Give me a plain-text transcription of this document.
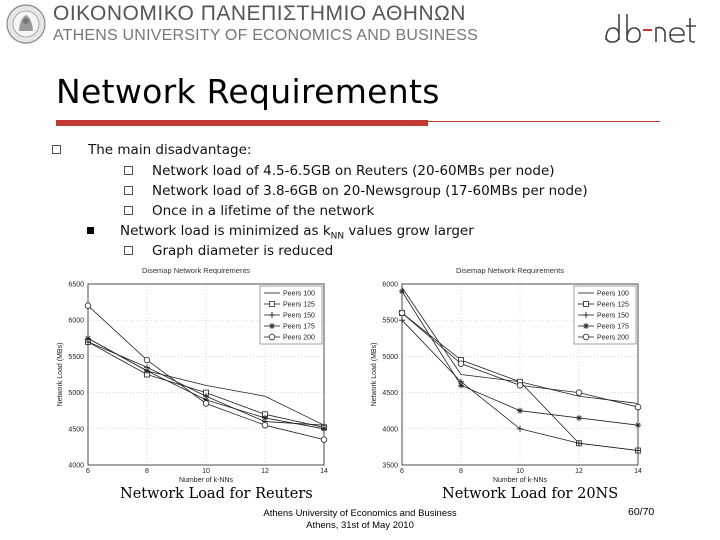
ΟΙΚΟΝΟΜΙΚΟ ΠΑΝΕΠΙΣΤΗΜΙΟ ΑΘΗΝΩΝ
ATHENS UNIVERSITY OF ECONOMICS AND BUSINESS
Network Requirements
The main disadvantage:
Network load of 4.5-6.5GB on Reuters (20-60MBs per node)
Network load of 3.8-6GB on 20-Newsgroup (17-60MBs per node)
Once in a lifetime of the network
Network load is minimized as $k_{NN}$ values grow larger
Graph diameter is reduced
Disemap Network Requirements
4000
4500
5000
5500
6000
6500
6	8	10	12	14
Number of k-NNs
Network Load (MBs)
Peers 100
Peers 125
Peers 150
Peers 175
Peers 200
Network Load for Reuters
Disemap Network Requirements
3500
4000
4500
5000
5500
6000
6	8	10	12	14
Number of k-NNs
Network Load (MBs)
Peers 100
Peers 125
Peers 150
Peers 175
Peers 200
Network Load for 20NS
Athens University of Economics and Business
Athens, 31st of May 2010
60/70
